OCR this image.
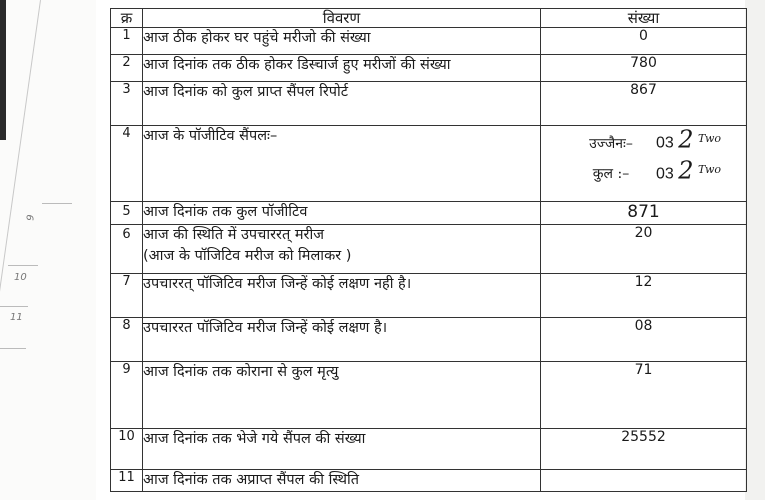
9
10
11
क्र	विवरण	संख्या
1	आज ठीक होकर घर पहुंचे मरीजो की संख्या	0
2	आज दिनांक तक ठीक होकर डिस्चार्ज हुए मरीजों की संख्या	780
3	आज दिनांक को कुल प्राप्त सैंपल रिपोर्ट	867
4	आज के पॉजीटिव सैंपलः–	उज्जैनः– 03 2 $^{Two}$
कुल :– 03 2 $^{Two}$

5	आज दिनांक तक कुल पॉजीटिव	871
6	आज की स्थिति में उपचाररत् मरीज
(आज के पॉजिटिव मरीज को मिलाकर )	20
7	उपचाररत् पॉजिटिव मरीज जिन्हें कोई लक्षण नही है।	12
8	उपचाररत पॉजिटिव मरीज जिन्हें कोई लक्षण है।	08
9	आज दिनांक तक कोराना से कुल मृत्यु	71
10	आज दिनांक तक भेजे गये सैंपल की संख्या	25552
11	आज दिनांक तक अप्राप्त सैंपल की स्थिति	
